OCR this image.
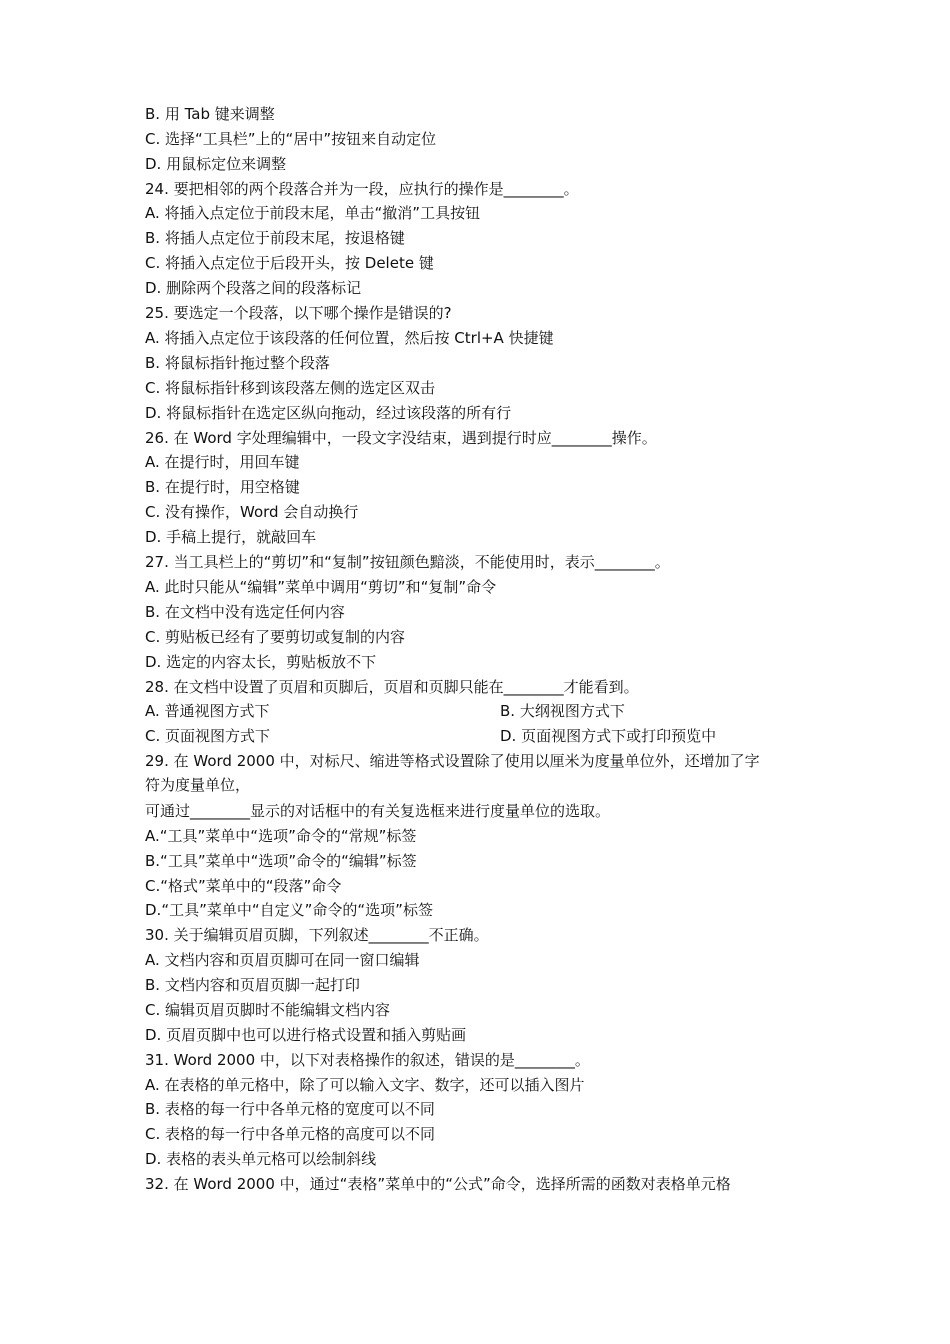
B. 用 Tab 键来调整
C. 选择“工具栏”上的“居中”按钮来自动定位
D. 用鼠标定位来调整
24. 要把相邻的两个段落合并为一段，应执行的操作是________。
A. 将插入点定位于前段末尾，单击“撤消”工具按钮
B. 将插人点定位于前段末尾，按退格键
C. 将插入点定位于后段开头，按 Delete 键
D. 删除两个段落之间的段落标记
25. 要选定一个段落，以下哪个操作是错误的?
A. 将插入点定位于该段落的任何位置，然后按 Ctrl+A 快捷键
B. 将鼠标指针拖过整个段落
C. 将鼠标指针移到该段落左侧的选定区双击
D. 将鼠标指针在选定区纵向拖动，经过该段落的所有行
26. 在 Word 字处理编辑中，一段文字没结束，遇到提行时应________操作。
A. 在提行时，用回车键
B. 在提行时，用空格键
C. 没有操作，Word 会自动换行
D. 手稿上提行，就敲回车
27. 当工具栏上的“剪切”和“复制”按钮颜色黯淡，不能使用时，表示________。
A. 此时只能从“编辑”菜单中调用“剪切”和“复制”命令
B. 在文档中没有选定任何内容
C. 剪贴板已经有了要剪切或复制的内容
D. 选定的内容太长，剪贴板放不下
28. 在文档中设置了页眉和页脚后，页眉和页脚只能在________才能看到。
A. 普通视图方式下	B. 大纲视图方式下
C. 页面视图方式下	D. 页面视图方式下或打印预览中
29. 在 Word 2000 中，对标尺、缩进等格式设置除了使用以厘米为度量单位外，还增加了字
符为度量单位，
可通过________显示的对话框中的有关复选框来进行度量单位的选取。
A.“工具”菜单中“选项”命令的“常规”标签
B.“工具”菜单中“选项”命令的“编辑”标签
C.“格式”菜单中的“段落”命令
D.“工具”菜单中“自定义”命令的“选项”标签
30. 关于编辑页眉页脚，下列叙述________不正确。
A. 文档内容和页眉页脚可在同一窗口编辑
B. 文档内容和页眉页脚一起打印
C. 编辑页眉页脚时不能编辑文档内容
D. 页眉页脚中也可以进行格式设置和插入剪贴画
31. Word 2000 中，以下对表格操作的叙述，错误的是________。
A. 在表格的单元格中，除了可以输入文字、数字，还可以插入图片
B. 表格的每一行中各单元格的宽度可以不同
C. 表格的每一行中各单元格的高度可以不同
D. 表格的表头单元格可以绘制斜线
32. 在 Word 2000 中，通过“表格”菜单中的“公式”命令，选择所需的函数对表格单元格
